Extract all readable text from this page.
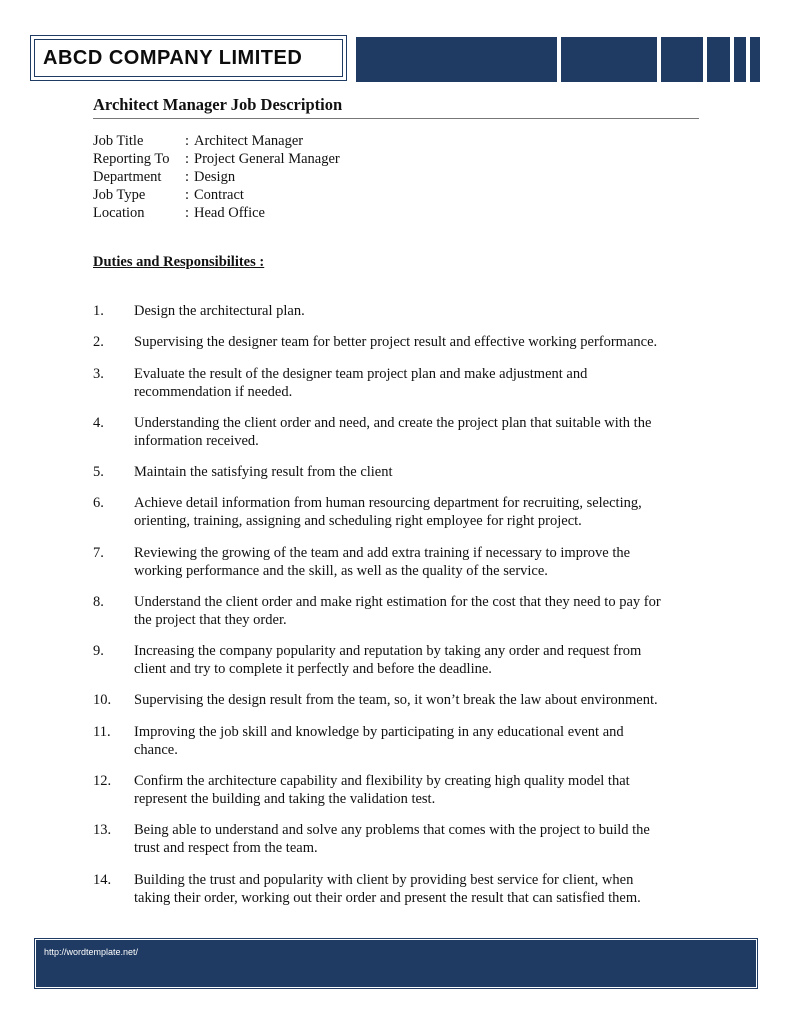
ABCD COMPANY LIMITED
Architect Manager Job Description
Job Title	: Architect Manager
Reporting To	: Project General Manager
Department	: Design
Job Type	: Contract
Location	: Head Office
Duties and Responsibilites :
1. Design the architectural plan.
2. Supervising the designer team for better project result and effective working performance.
3. Evaluate the result of the designer team project plan and make adjustment and
recommendation if needed.
4. Understanding the client order and need, and create the project plan that suitable with the
information received.
5. Maintain the satisfying result from the client
6. Achieve detail information from human resourcing department for recruiting, selecting,
orienting, training, assigning and scheduling right employee for right project.
7. Reviewing the growing of the team and add extra training if necessary to improve the
working performance and the skill, as well as the quality of the service.
8. Understand the client order and make right estimation for the cost that they need to pay for
the project that they order.
9. Increasing the company popularity and reputation by taking any order and request from
client and try to complete it perfectly and before the deadline.
10. Supervising the design result from the team, so, it won’t break the law about environment.
11. Improving the job skill and knowledge by participating in any educational event and
chance.
12. Confirm the architecture capability and flexibility by creating high quality model that
represent the building and taking the validation test.
13. Being able to understand and solve any problems that comes with the project to build the
trust and respect from the team.
14. Building the trust and popularity with client by providing best service for client, when
taking their order, working out their order and present the result that can satisfied them.
http://wordtemplate.net/
